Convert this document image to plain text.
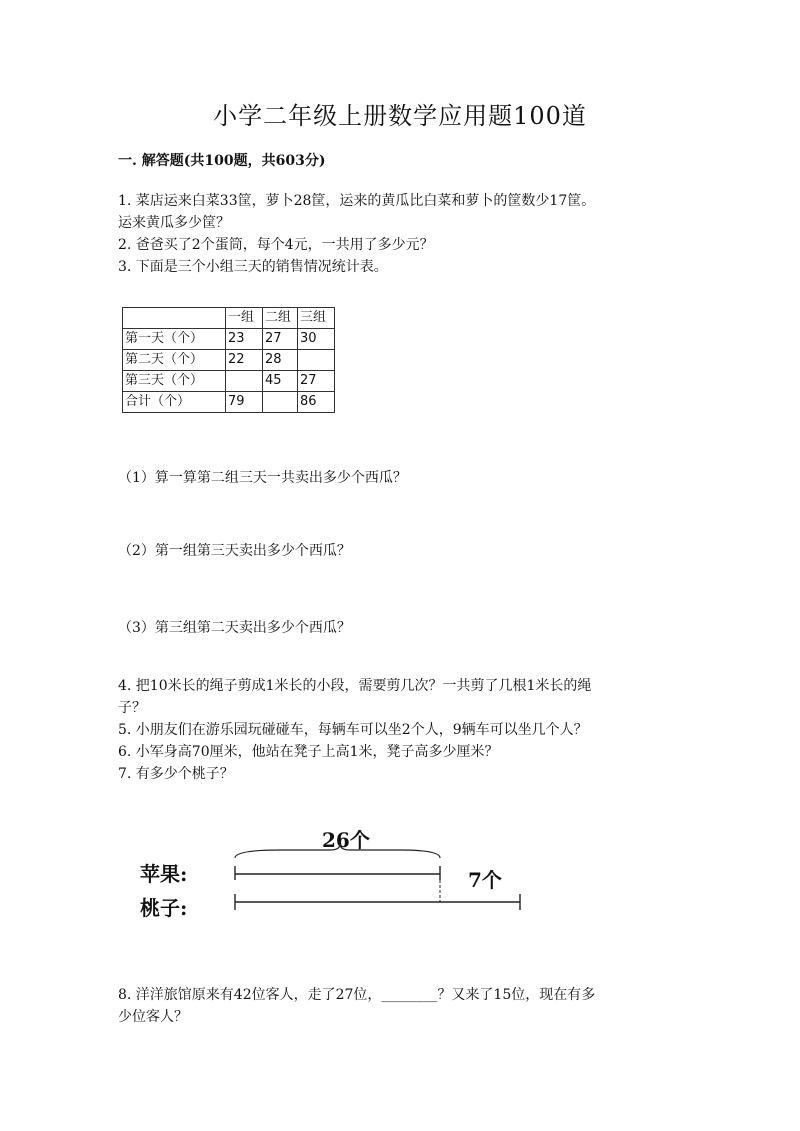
小学二年级上册数学应用题100道
一. 解答题(共100题，共603分)
1. 菜店运来白菜33筐，萝卜28筐，运来的黄瓜比白菜和萝卜的筐数少17筐。
运来黄瓜多少筐？
2. 爸爸买了2个蛋筒，每个4元，一共用了多少元？
3. 下面是三个小组三天的销售情况统计表。
	一组	二组	三组
第一天（个）	23	27	30
第二天（个）	22	28	
第三天（个）		45	27
合计（个）	79		86
（1）算一算第二组三天一共卖出多少个西瓜？
（2）第一组第三天卖出多少个西瓜？
（3）第三组第二天卖出多少个西瓜？
4. 把10米长的绳子剪成1米长的小段，需要剪几次？一共剪了几根1米长的绳
子？
5. 小朋友们在游乐园玩碰碰车，每辆车可以坐2个人，9辆车可以坐几个人？
6. 小军身高70厘米，他站在凳子上高1米，凳子高多少厘米？
7. 有多少个桃子？
26个
苹果:
桃子:
7个
8. 洋洋旅馆原来有42位客人，走了27位，________？又来了15位，现在有多
少位客人？
